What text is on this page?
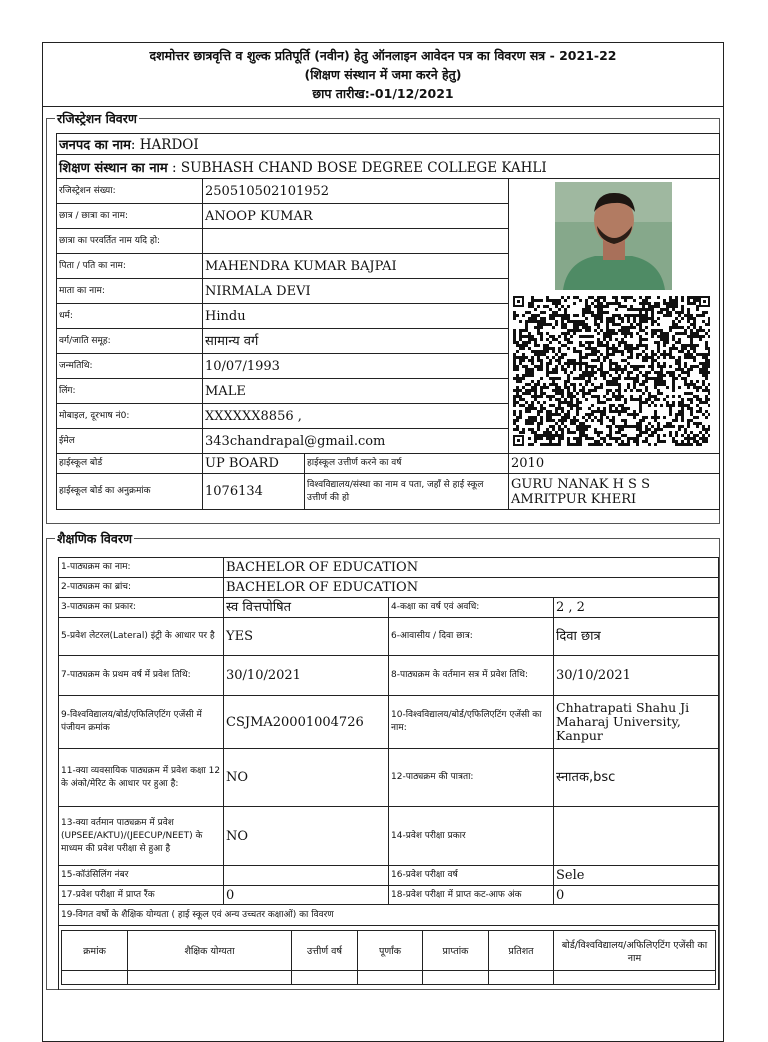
दशमोत्तर छात्रवृत्ति व शुल्क प्रतिपूर्ति (नवीन) हेतु ऑनलाइन आवेदन पत्र का विवरण सत्र - 2021-22
(शिक्षण संस्थान में जमा करने हेतु)
छाप तारीख:-01/12/2021
रजिस्ट्रेशन विवरण
जनपद का नाम: HARDOI			
शिक्षण संस्थान का नाम : SUBHASH CHAND BOSE DEGREE COLLEGE KAHLI			
रजिस्ट्रेशन संख्या:	250510502101952		
छात्र / छात्रा का नाम:	ANOOP KUMAR		
छात्रा का परवर्तित नाम यदि हो:			
पिता / पति का नाम:	MAHENDRA KUMAR BAJPAI		
माता का नाम:	NIRMALA DEVI		
धर्म:	Hindu		
वर्ग/जाति समूह:	सामान्य वर्ग		
जन्मतिथि:	10/07/1993		
लिंग:	MALE		
मोबाइल, दूरभाष नं0:	XXXXXX8856 ,		
ईमेल	343chandrapal@gmail.com		
हाईस्कूल बोर्ड	UP BOARD	हाईस्कूल उत्तीर्ण करने का वर्ष	2010
हाईस्कूल बोर्ड का अनुक्रमांक	1076134	विश्वविद्यालय/संस्था का नाम व पता, जहाँ से हाई स्कूल उत्तीर्ण की हो	GURU NANAK H S S AMRITPUR KHERI
शैक्षणिक विवरण
1-पाठ्यक्रम का नाम:	BACHELOR OF EDUCATION
2-पाठ्यक्रम का ब्रांच:	BACHELOR OF EDUCATION
3-पाठ्यक्रम का प्रकार:	स्व वित्तपोषित	4-कक्षा का वर्ष एवं अवधि:	2 , 2
5-प्रवेश लेटरल(Lateral) इंट्री के आधार पर है	YES	6-आवासीय / दिवा छात्र:	दिवा छात्र
7-पाठ्यक्रम के प्रथम वर्ष में प्रवेश तिथि:	30/10/2021	8-पाठ्यक्रम के वर्तमान सत्र में प्रवेश तिथि:	30/10/2021
9-विश्वविद्यालय/बोर्ड/एफिलिएटिंग एजेंसी में पंजीयन क्रमांक	CSJMA20001004726	10-विश्वविद्यालय/बोर्ड/एफिलिएटिंग एजेंसी का नाम:	Chhatrapati Shahu Ji Maharaj University, Kanpur
11-क्या व्यवसायिक पाठ्यक्रम में प्रवेश कक्षा 12 के अंको/मेरिट के आधार पर हुआ है:	NO	12-पाठ्यक्रम की पात्रता:	स्नातक,bsc
13-क्या वर्तमान पाठ्यक्रम में प्रवेश (UPSEE/AKTU)/(JEECUP/NEET) के माध्यम की प्रवेश परीक्षा से हुआ है	NO	14-प्रवेश परीक्षा प्रकार	
15-कॉउंसिलिंग नंबर		16-प्रवेश परीक्षा वर्ष	Sele
17-प्रवेश परीक्षा में प्राप्त रैंक	0	18-प्रवेश परीक्षा में प्राप्त कट-आफ अंक	0
19-विगत वर्षो के शैक्षिक योग्यता ( हाई स्कूल एवं अन्य उच्चतर कक्षाओं) का विवरण

क्रमांक	शैक्षिक योग्यता	उत्तीर्ण वर्ष	पूर्णांक	प्राप्तांक	प्रतिशत	बोर्ड/विश्वविद्यालय/अफिलिएटिंग एजेंसी का नाम
